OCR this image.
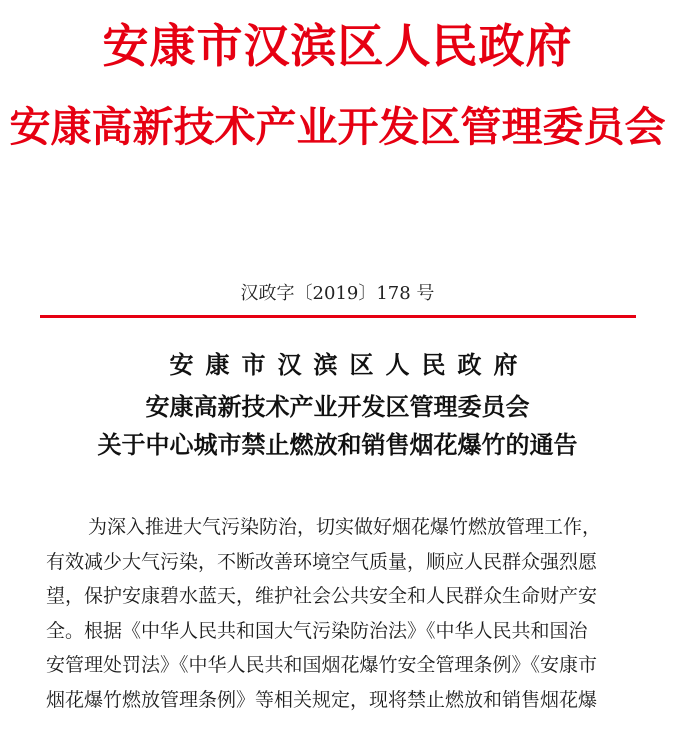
安康市汉滨区人民政府
安康高新技术产业开发区管理委员会
汉政字〔2019〕178 号
安康市汉滨区人民政府
安康高新技术产业开发区管理委员会
关于中心城市禁止燃放和销售烟花爆竹的通告
为深入推进大气污染防治，切实做好烟花爆竹燃放管理工作，
有效减少大气污染，不断改善环境空气质量，顺应人民群众强烈愿
望，保护安康碧水蓝天，维护社会公共安全和人民群众生命财产安
全。根据《中华人民共和国大气污染防治法》《中华人民共和国治
安管理处罚法》《中华人民共和国烟花爆竹安全管理条例》《安康市
烟花爆竹燃放管理条例》等相关规定，现将禁止燃放和销售烟花爆
